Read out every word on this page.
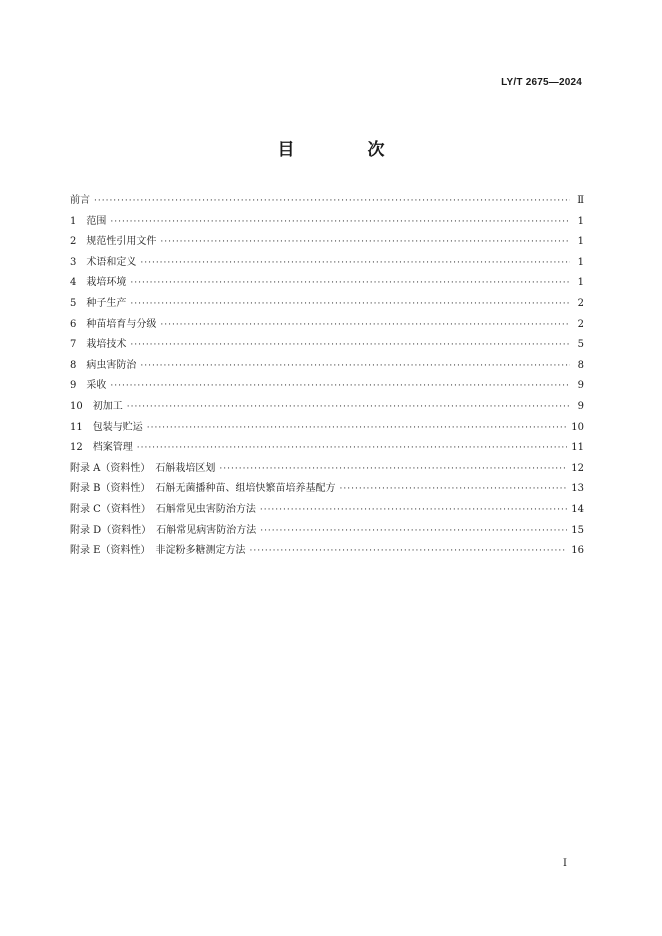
LY/T 2675—2024
目　次
前言 ·····	Ⅱ
1　范围 ·····	1
2　规范性引用文件 ·····	1
3　术语和定义 ·····	1
4　栽培环境 ·····	1
5　种子生产 ·····	2
6　种苗培育与分级 ·····	2
7　栽培技术 ·····	5
8　病虫害防治 ·····	8
9　采收 ·····	9
10　初加工 ·····	9
11　包装与贮运 ·····	10
12　档案管理 ·····	11
附录 A（资料性）　石斛栽培区划 ·····	12
附录 B（资料性）　石斛无菌播种苗、组培快繁苗培养基配方 ·····	13
附录 C（资料性）　石斛常见虫害防治方法 ·····	14
附录 D（资料性）　石斛常见病害防治方法 ·····	15
附录 E（资料性）　非淀粉多糖测定方法 ·····	16
I
